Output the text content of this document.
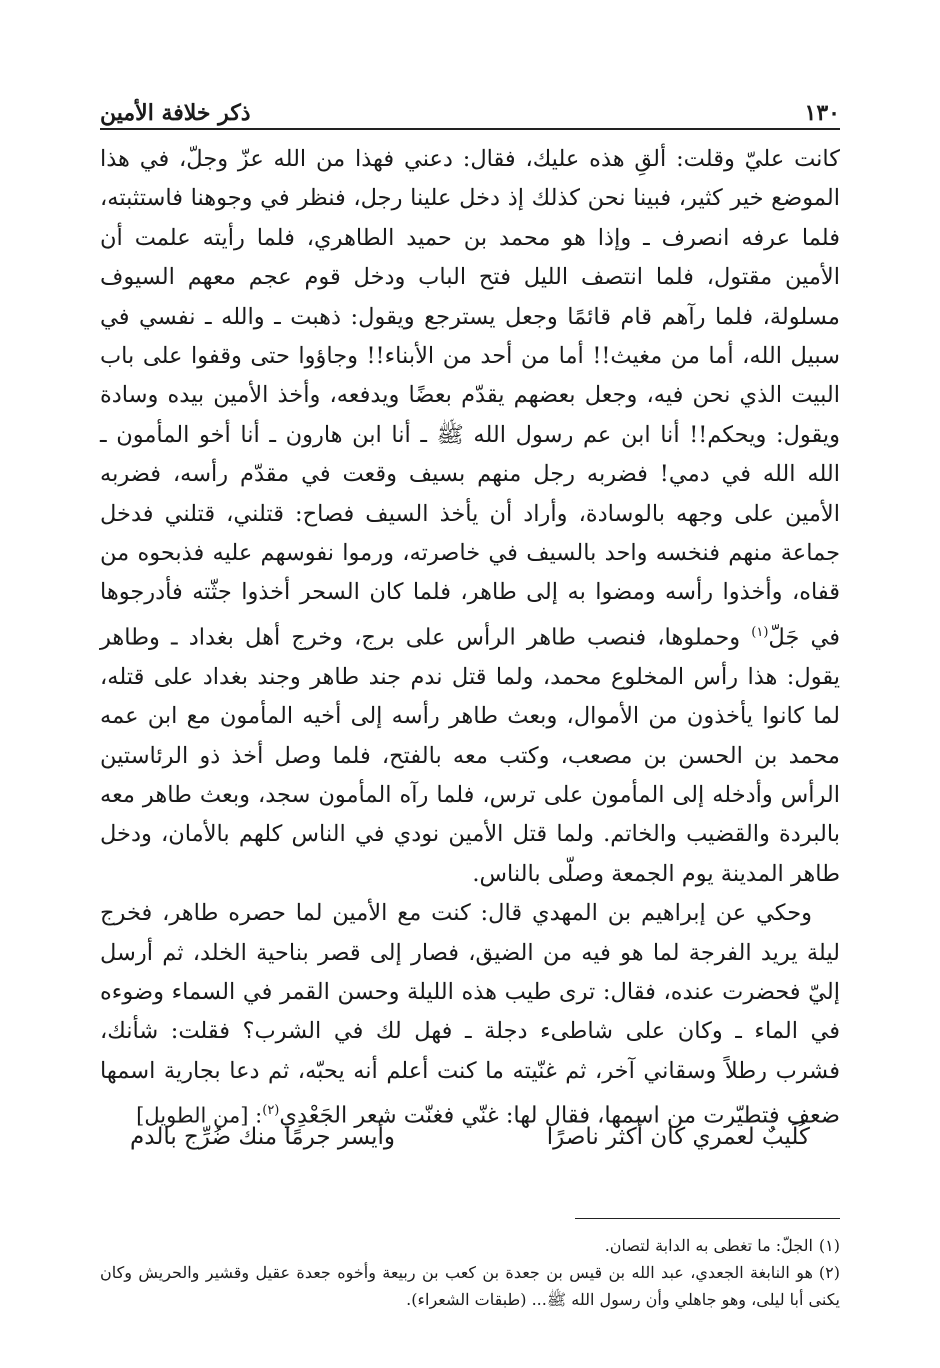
١٣٠
ذكر خلافة الأمين

كانت عليّ وقلت: ألقِ هذه عليك، فقال: دعني فهذا من الله عزّ وجلّ، في هذا الموضع خير كثير، فبينا نحن كذلك إذ دخل علينا رجل، فنظر في وجوهنا فاستثبته، فلما عرفه انصرف ـ وإذا هو محمد بن حميد الطاهري، فلما رأيته علمت أن الأمين مقتول، فلما انتصف الليل فتح الباب ودخل قوم عجم معهم السيوف مسلولة، فلما رآهم قام قائمًا وجعل يسترجع ويقول: ذهبت ـ والله ـ نفسي في سبيل الله، أما من مغيث!! أما من أحد من الأبناء!! وجاؤوا حتى وقفوا على باب البيت الذي نحن فيه، وجعل بعضهم يقدّم بعضًا ويدفعه، وأخذ الأمين بيده وسادة ويقول: ويحكم!! أنا ابن عم رسول الله ﷺ ـ أنا ابن هارون ـ أنا أخو المأمون ـ الله الله في دمي! فضربه رجل منهم بسيف وقعت في مقدّم رأسه، فضربه الأمين على وجهه بالوسادة، وأراد أن يأخذ السيف فصاح: قتلني، قتلني فدخل جماعة منهم فنخسه واحد بالسيف في خاصرته، ورموا نفوسهم عليه فذبحوه من قفاه، وأخذوا رأسه ومضوا به إلى طاهر، فلما كان السحر أخذوا جثّته فأدرجوها في جَلّ$^{(١)}$ وحملوها، فنصب طاهر الرأس على برج، وخرج أهل بغداد ـ وطاهر يقول: هذا رأس المخلوع محمد، ولما قتل ندم جند طاهر وجند بغداد على قتله، لما كانوا يأخذون من الأموال، وبعث طاهر رأسه إلى أخيه المأمون مع ابن عمه محمد بن الحسن بن مصعب، وكتب معه بالفتح، فلما وصل أخذ ذو الرئاستين الرأس وأدخله إلى المأمون على ترس، فلما رآه المأمون سجد، وبعث طاهر معه بالبردة والقضيب والخاتم. ولما قتل الأمين نودي في الناس كلهم بالأمان، ودخل طاهر المدينة يوم الجمعة وصلّى بالناس.

وحكي عن إبراهيم بن المهدي قال: كنت مع الأمين لما حصره طاهر، فخرج ليلة يريد الفرجة لما هو فيه من الضيق، فصار إلى قصر بناحية الخلد، ثم أرسل إليّ فحضرت عنده، فقال: ترى طيب هذه الليلة وحسن القمر في السماء وضوءه في الماء ـ وكان على شاطىء دجلة ـ فهل لك في الشرب؟ فقلت: شأنك، فشرب رطلاً وسقاني آخر، ثم غنّيته ما كنت أعلم أنه يحبّه، ثم دعا بجارية اسمها ضعف فتطيّرت من اسمها، فقال لها: غنّي فغنّت شعر الجَعْدِي$^{(٢)}$: [من الطويل]

كُلَيبٌ لعمري كان أكثر ناصرًا
وأيسر جرمًا منك ضُرِّج بالدم

(١)الجلّ: ما تغطى به الدابة لتصان.

(٢)هو النابغة الجعدي، عبد الله بن قيس بن جعدة بن كعب بن ربيعة وأخوه جعدة عقيل وقشير والحريش وكان يكنى أبا ليلى، وهو جاهلي وأن رسول الله ﷺ... (طبقات الشعراء).
